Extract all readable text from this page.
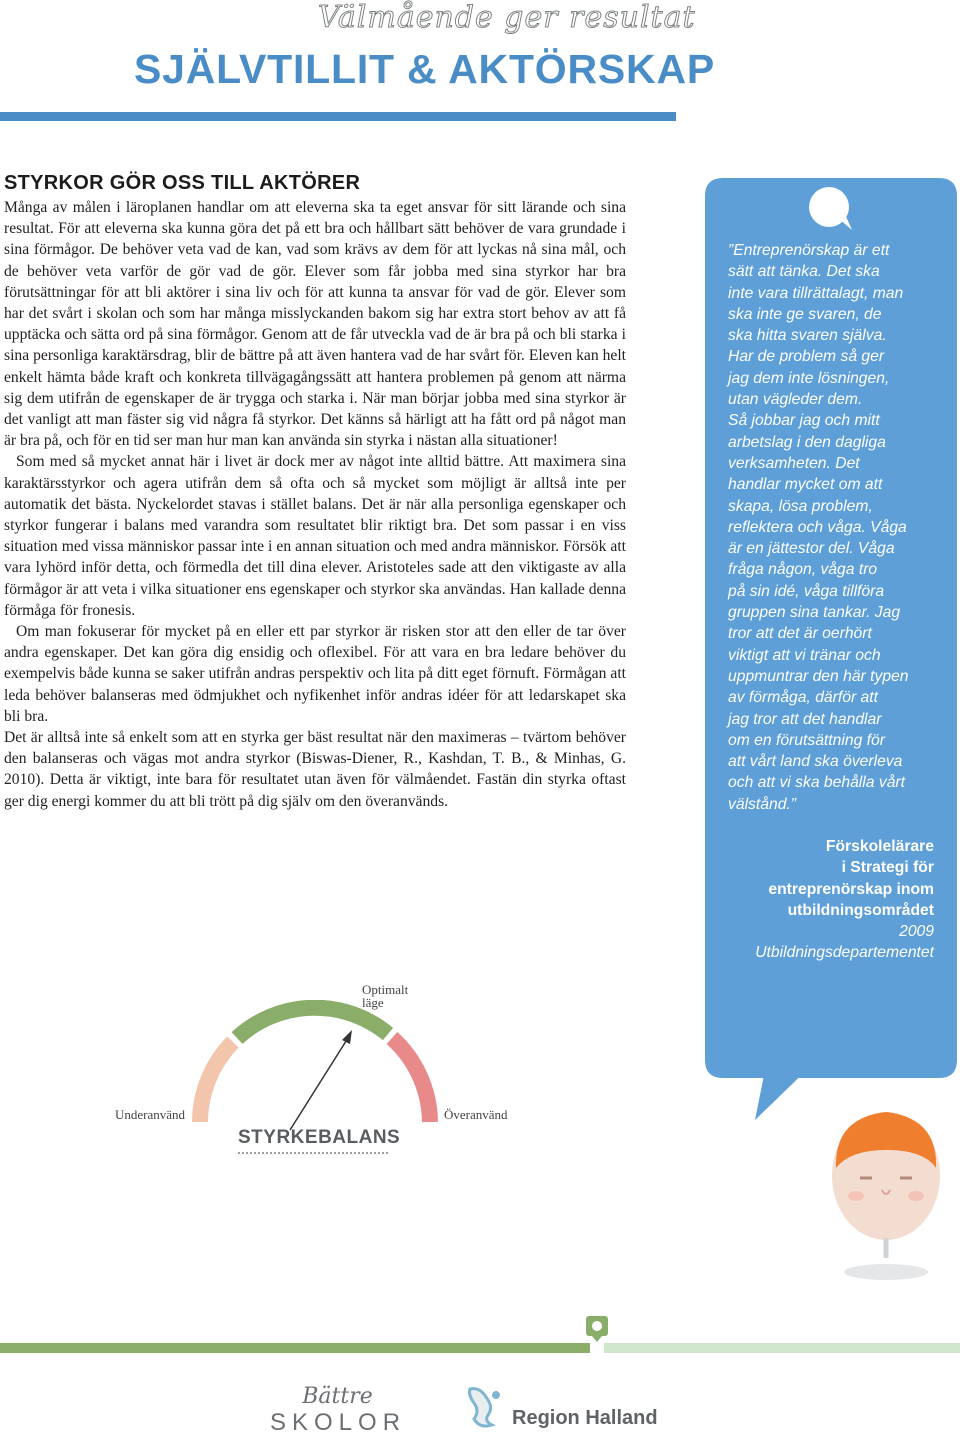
Välmående ger resultat
SJÄLVTILLIT & AKTÖRSKAP
STYRKOR GÖR OSS TILL AKTÖRER

Många av målen i läroplanen handlar om att eleverna ska ta eget ansvar för sitt lärande och sina resultat. För att eleverna ska kunna göra det på ett bra och hållbart sätt behöver de vara grundade i sina förmågor. De behöver veta vad de kan, vad som krävs av dem för att lyckas nå sina mål, och de behöver veta varför de gör vad de gör. Elever som får jobba med sina styrkor har bra förutsättningar för att bli aktörer i sina liv och för att kunna ta ansvar för vad de gör. Elever som har det svårt i skolan och som har många misslyckanden bakom sig har extra stort behov av att få upptäcka och sätta ord på sina förmågor. Genom att de får utveckla vad de är bra på och bli starka i sina personliga karaktärsdrag, blir de bättre på att även hantera vad de har svårt för. Eleven kan helt enkelt hämta både kraft och konkreta tillvägagångssätt att hantera problemen på genom att närma sig dem utifrån de egenskaper de är trygga och starka i. När man börjar jobba med sina styrkor är det vanligt att man fäster sig vid några få styrkor. Det känns så härligt att ha fått ord på något man är bra på, och för en tid ser man hur man kan använda sin styrka i nästan alla situationer!

Som med så mycket annat här i livet är dock mer av något inte alltid bättre. Att maximera sina karaktärsstyrkor och agera utifrån dem så ofta och så mycket som möjligt är alltså inte per automatik det bästa. Nyckelordet stavas i stället balans. Det är när alla personliga egenskaper och styrkor fungerar i balans med varandra som resultatet blir riktigt bra. Det som passar i en viss situation med vissa människor passar inte i en annan situation och med andra människor. Försök att vara lyhörd inför detta, och förmedla det till dina elever. Aristoteles sade att den viktigaste av alla förmågor är att veta i vilka situationer ens egenskaper och styrkor ska användas. Han kallade denna förmåga för fronesis.

Om man fokuserar för mycket på en eller ett par styrkor är risken stor att den eller de tar över andra egenskaper. Det kan göra dig ensidig och oflexibel. För att vara en bra ledare behöver du exempelvis både kunna se saker utifrån andras perspektiv och lita på ditt eget förnuft. Förmågan att leda behöver balanseras med ödmjukhet och nyfikenhet inför andras idéer för att ledarskapet ska bli bra.

Det är alltså inte så enkelt som att en styrka ger bäst resultat när den maximeras – tvärtom behöver den balanseras och vägas mot andra styrkor (Biswas-Diener, R., Kashdan, T. B., & Minhas, G. 2010). Detta är viktigt, inte bara för resultatet utan även för välmåendet. Fastän din styrka oftast ger dig energi kommer du att bli trött på dig själv om den överanvänds.

”Entreprenörskap är ett
sätt att tänka. Det ska
inte vara tillrättalagt, man
ska inte ge svaren, de
ska hitta svaren själva.
Har de problem så ger
jag dem inte lösningen,
utan vägleder dem.
Så jobbar jag och mitt
arbetslag i den dagliga
verksamheten. Det
handlar mycket om att
skapa, lösa problem,
reflektera och våga. Våga
är en jättestor del. Våga
fråga någon, våga tro
på sin idé, våga tillföra
gruppen sina tankar. Jag
tror att det är oerhört
viktigt att vi tränar och
uppmuntrar den här typen
av förmåga, därför att
jag tror att det handlar
om en förutsättning för
att vårt land ska överleva
och att vi ska behålla vårt
välstånd.”
Förskolelärare
i Strategi för
entreprenörskap inom
utbildningsområdet
2009
Utbildningsdepartementet
Optimalt
läge
Underanvänd	Överanvänd
STYRKEBALANS
Bättre
SKOLOR	Region Halland
